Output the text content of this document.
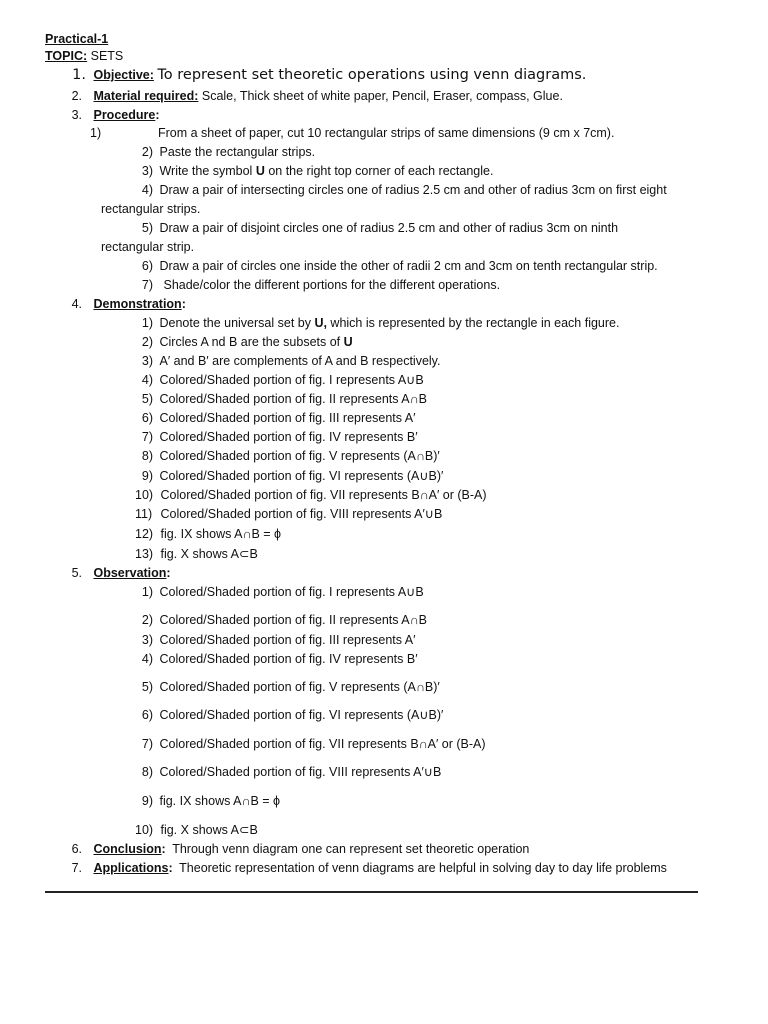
Practical-1
TOPIC: SETS
1. Objective: To represent set theoretic operations using venn diagrams.
2. Material required: Scale, Thick sheet of white paper, Pencil, Eraser, compass, Glue.
3. Procedure:
1)	From a sheet of paper, cut 10 rectangular strips of same dimensions (9 cm x 7cm).
2) Paste the rectangular strips.
3) Write the symbol U on the right top corner of each rectangle.
4) Draw a pair of intersecting circles one of radius 2.5 cm and other of radius 3cm on first eight
rectangular strips.
5) Draw a pair of disjoint circles one of radius 2.5 cm and other of radius 3cm on ninth
rectangular strip.
6) Draw a pair of circles one inside the other of radii 2 cm and 3cm on tenth rectangular strip.
7) Shade/color the different portions for the different operations.
4. Demonstration:
1) Denote the universal set by U, which is represented by the rectangle in each figure.
2) Circles A nd B are the subsets of U
3) A′ and B′ are complements of A and B respectively.
4) Colored/Shaded portion of fig. I represents A∪B
5) Colored/Shaded portion of fig. II represents A∩B
6) Colored/Shaded portion of fig. III represents A′
7) Colored/Shaded portion of fig. IV represents B′
8) Colored/Shaded portion of fig. V represents (A∩B)′
9) Colored/Shaded portion of fig. VI represents (A∪B)′
10) Colored/Shaded portion of fig. VII represents B∩A′ or (B-A)
11) Colored/Shaded portion of fig. VIII represents A′∪B
12) fig. IX shows A∩B = ϕ
13) fig. X shows A⊂B
5. Observation:
1) Colored/Shaded portion of fig. I represents A∪B
2) Colored/Shaded portion of fig. II represents A∩B
3) Colored/Shaded portion of fig. III represents A′
4) Colored/Shaded portion of fig. IV represents B′
5) Colored/Shaded portion of fig. V represents (A∩B)′
6) Colored/Shaded portion of fig. VI represents (A∪B)′
7) Colored/Shaded portion of fig. VII represents B∩A′ or (B-A)
8) Colored/Shaded portion of fig. VIII represents A′∪B
9) fig. IX shows A∩B = ϕ
10) fig. X shows A⊂B
6. Conclusion: Through venn diagram one can represent set theoretic operation
7. Applications: Theoretic representation of venn diagrams are helpful in solving day to day life problems
